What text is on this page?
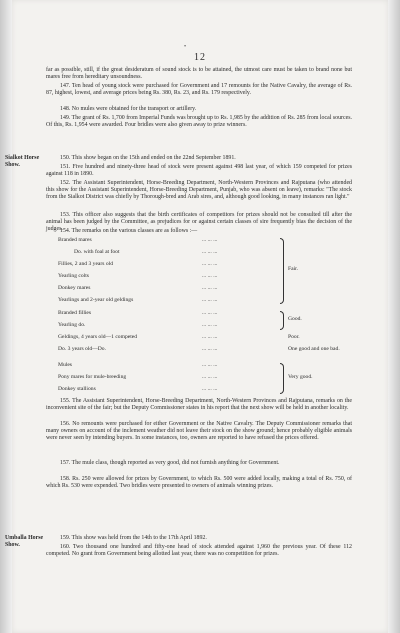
•
12

far as possible, still, if the great desideratum of sound stock is to be attained, the utmost care must be taken to brand none but mares free from hereditary unsoundness.

147. Ten head of young stock were purchased for Government and 17 remounts for the Native Cavalry, the average of Rs. 87, highest, lowest, and average prices being Rs. 380, Rs. 23, and Rs. 179 respectively.

148. No mules were obtained for the transport or artillery.

149. The grant of Rs. 1,700 from Imperial Funds was brought up to Rs. 1,985 by the addition of Rs. 285 from local sources. Of this, Rs. 1,954 were awarded. Four bridles were also given away to prize winners.

Sialkot Horse
Show.

150. This show began on the 15th and ended on the 22nd September 1891.

151. Five hundred and ninety-three head of stock were present against 498 last year, of which 159 competed for prizes against 118 in 1890.

152. The Assistant Superintendent, Horse-Breeding Department, North-Western Provinces and Rajputana (who attended this show for the Assistant Superintendent, Horse-Breeding Department, Punjab, who was absent on leave), remarks: "The stock from the Sialkot District was chiefly by Thorough-bred and Arab sires, and, although good looking, in many instances ran light."

153. This officer also suggests that the birth certificates of competitors for prizes should not be consulted till after the animal has been judged by the Committee, as prejudices for or against certain classes of sire frequently bias the decision of the judges.

154. The remarks on the various classes are as follows :—

Branded mares
Do. with foal at foot
Fillies, 2 and 3 years old
Yearling colts
Donkey mares
Yearlings and 2-year old geldings
Branded fillies
Yearling do.
Geldings, 4 years old—1 competed
Do. 3 years old—Do.
Mules
Pony mares for mule-breeding
Donkey stallions
... ... ...
... ... ...
... ... ...
... ... ...
... ... ...
... ... ...
... ... ...
... ... ...
... ... ...
... ... ...
... ... ...
... ... ...
... ... ...
Fair.
Good.
Poor.
One good and one bad.
Very good.

155. The Assistant Superintendent, Horse-Breeding Department, North-Western Provinces and Rajputana, remarks on the inconvenient site of the fair; but the Deputy Commissioner states in his report that the next show will be held in another locality.

156. No remounts were purchased for either Government or the Native Cavalry. The Deputy Commissioner remarks that many owners on account of the inclement weather did not leave their stock on the show ground; hence probably eligible animals were never seen by intending buyers. In some instances, too, owners are reported to have refused the prices offered.

157. The mule class, though reported as very good, did not furnish anything for Government.

158. Rs. 250 were allowed for prizes by Government, to which Rs. 500 were added locally, making a total of Rs. 750, of which Rs. 530 were expended. Two bridles were presented to owners of animals winning prizes.

Umballa Horse
Show.

159. This show was held from the 14th to the 17th April 1892.

160. Two thousand one hundred and fifty-one head of stock attended against 1,960 the previous year. Of these 112 competed. No grant from Government being allotted last year, there was no competition for prizes.
